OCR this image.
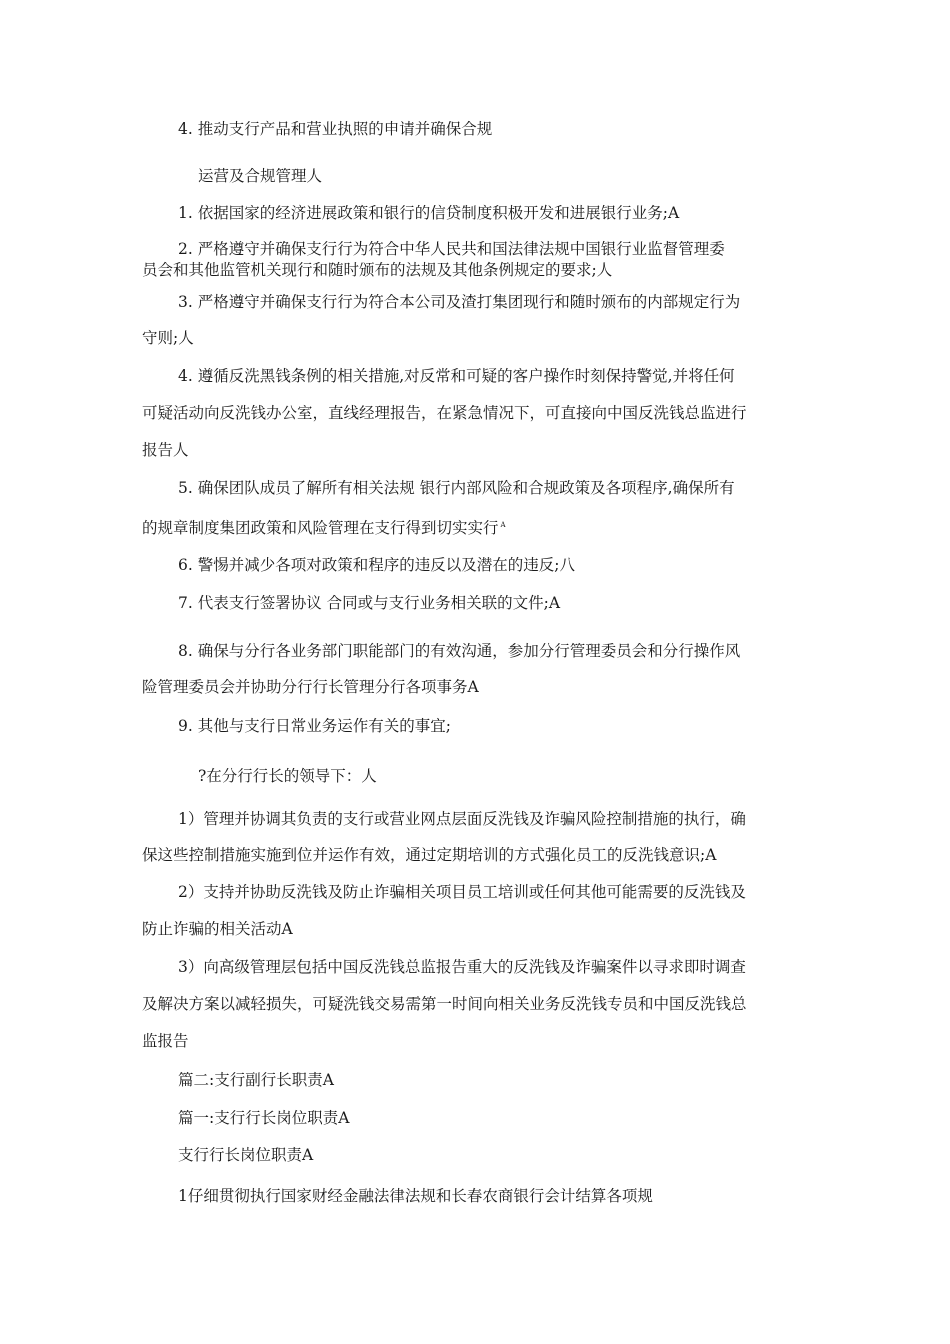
4. 推动支行产品和营业执照的申请并确保合规
运营及合规管理人
1. 依据国家的经济进展政策和银行的信贷制度积极开发和进展银行业务;A
2. 严格遵守并确保支行行为符合中华人民共和国法律法规中国银行业监督管理委
员会和其他监管机关现行和随时颁布的法规及其他条例规定的要求;人
3. 严格遵守并确保支行行为符合本公司及渣打集团现行和随时颁布的内部规定行为
守则;人
4. 遵循反洗黑钱条例的相关措施,对反常和可疑的客户操作时刻保持警觉,并将任何
可疑活动向反洗钱办公室，直线经理报告，在紧急情况下，可直接向中国反洗钱总监进行
报告人
5. 确保团队成员了解所有相关法规 银行内部风险和合规政策及各项程序,确保所有
的规章制度集团政策和风险管理在支行得到切实实行 $^A$
6. 警惕并减少各项对政策和程序的违反以及潜在的违反;八
7. 代表支行签署协议 合同或与支行业务相关联的文件;A
8. 确保与分行各业务部门职能部门的有效沟通，参加分行管理委员会和分行操作风
险管理委员会并协助分行行长管理分行各项事务A
9. 其他与支行日常业务运作有关的事宜;
?在分行行长的领导下：人
1）管理并协调其负责的支行或营业网点层面反洗钱及诈骗风险控制措施的执行，确
保这些控制措施实施到位并运作有效，通过定期培训的方式强化员工的反洗钱意识;A
2）支持并协助反洗钱及防止诈骗相关项目员工培训或任何其他可能需要的反洗钱及
防止诈骗的相关活动A
3）向高级管理层包括中国反洗钱总监报告重大的反洗钱及诈骗案件以寻求即时调查
及解决方案以减轻损失，可疑洗钱交易需第一时间向相关业务反洗钱专员和中国反洗钱总
监报告
篇二:支行副行长职责A
篇一:支行行长岗位职责A
支行行长岗位职责A
1仔细贯彻执行国家财经金融法律法规和长春农商银行会计结算各项规
